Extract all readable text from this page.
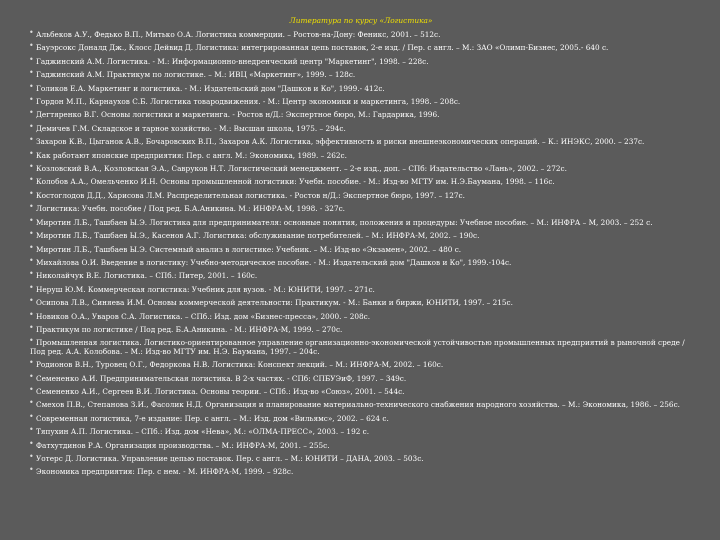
Литература по курсу «Логистика»
•Альбеков А.У., Федько В.П., Митько О.А. Логистика коммерции. – Ростов-на-Дону: Феникс, 2001. – 512с.
•Бауэрсокс Доналд Дж., Клосс Дейвид Д. Логистика: интегрированная цепь поставок, 2-е изд. / Пер. с англ. – М.: ЗАО «Олимп-Бизнес, 2005.- 640 с.
•Гаджинский А.М. Логистика. - М.: Информационно-внедренческий центр "Маркетинг", 1998. – 228с.
•Гаджинский А.М. Практикум по логистике. – М.: ИВЦ «Маркетинг», 1999. – 128с.
•Голиков Е.А. Маркетинг и логистика. - М.: Издательский дом "Дашков и Ко", 1999.- 412с.
•Гордон М.П., Карнаухов С.Б. Логистика товародвижения. - М.: Центр экономики и маркетинга, 1998. – 208с.
•Дегтяренко В.Г. Основы логистики и маркетинга. - Ростов н/Д.: Экспертное бюро, М.: Гардарика, 1996.
•Демичев Г.М. Складское и тарное хозяйство. - М.: Высшая школа, 1975. – 294с.
•Захаров К.В., Цыганок А.В., Бочаровских В.П., Захаров А.К. Логистика, эффективность и риски внешнеэкономических операций. – К.: ИНЭКС, 2000. – 237с.
•Как работают японские предприятия: Пер. с англ. М.: Экономика, 1989. – 262с.
•Козловский В.А., Козловская Э.А., Савруков Н.Т. Логистический менеджмент. – 2-е изд., доп. – СПб: Издательство «Лань», 2002. – 272с.
•Колобов А.А., Омельченко И.Н. Основы промышленной логистики: Учебн. пособие. - М.: Изд-во МГТУ им. Н.Э.Баумана, 1998. – 116с.
•Костоглодов Д.Д., Харисова Л.М. Распределительная логистика. - Ростов н/Д.: Экспертное бюро, 1997. – 127с.
•Логистика: Учебн. пособие / Под ред. Б.А.Аникина. М.: ИНФРА-М, 1998. - 327с.
•Миротин Л.Б., Ташбаев Ы.Э. Логистика для предпринимателя: основные понятия, положения и процедуры: Учебное пособие. – М.: ИНФРА – М, 2003. – 252 с.
•Миротин Л.Б., Ташбаев Ы.Э., Касенов А.Г. Логистика: обслуживание потребителей. – М.: ИНФРА-М, 2002. – 190с.
•Миротин Л.Б., Ташбаев Ы.Э. Системный анализ в логистике: Учебник. – М.: Изд-во «Экзамен», 2002. – 480 с.
•Михайлова О.И. Введение в логистику: Учебно-методическое пособие. - М.: Издательский дом "Дашков и Ко", 1999.-104с.
•Николайчук В.Е. Логистика. – СПб.: Питер, 2001. – 160с.
•Неруш Ю.М. Коммерческая логистика: Учебник для вузов. - М.: ЮНИТИ, 1997. – 271с.
•Осипова Л.В., Синяева И.М. Основы коммерческой деятельности: Практикум. - М.: Банки и биржи, ЮНИТИ, 1997. – 215с.
•Новиков О.А., Уваров С.А. Логистика. – СПб.: Изд. дом «Бизнес-пресса», 2000. – 208с.
•Практикум по логистике / Под ред. Б.А.Аникина. - М.: ИНФРА-М, 1999. – 270с.
•Промышленная логистика. Логистико-ориентированное управление организационно-экономической устойчивостью промышленных предприятий в рыночной среде / Под ред. А.А. Колобова. – М.: Изд-во МГТУ им. Н.Э. Баумана, 1997. – 204с.
•Родионов В.Н., Туровец О.Г., Федоркова Н.В. Логистика: Конспект лекций. – М.: ИНФРА-М, 2002. – 160с.
•Семененко А.И. Предпринимательская логистика. В 2-х частях. - СПб: СПБУЭиФ, 1997. – 349с.
•Семененко А.И., Сергеев В.И. Логистика. Основы теории. – СПб.: Изд-во «Союз», 2001. – 544с.
•Смехов П.В., Степанова З.И., Фасолик Н.Д. Организация и планирование материально-технического снабжения народного хозяйства. – М.: Экономика, 1986. – 256с.
•Современная логистика, 7-е издание: Пер. с англ. – М.: Изд. дом «Вильямс», 2002. – 624 с.
•Тяпухин А.П. Логистика. – СПб.: Изд. дом «Нева», М.: «ОЛМА-ПРЕСС», 2003. – 192 с.
•Фатхутдинов Р.А. Организация производства. – М.: ИНФРА-М, 2001. – 255с.
•Уотерс Д. Логистика. Управление цепью поставок. Пер. с англ. – М.: ЮНИТИ – ДАНА, 2003. – 503с.
•Экономика предприятия: Пер. с нем. - М. ИНФРА-М, 1999. – 928с.
